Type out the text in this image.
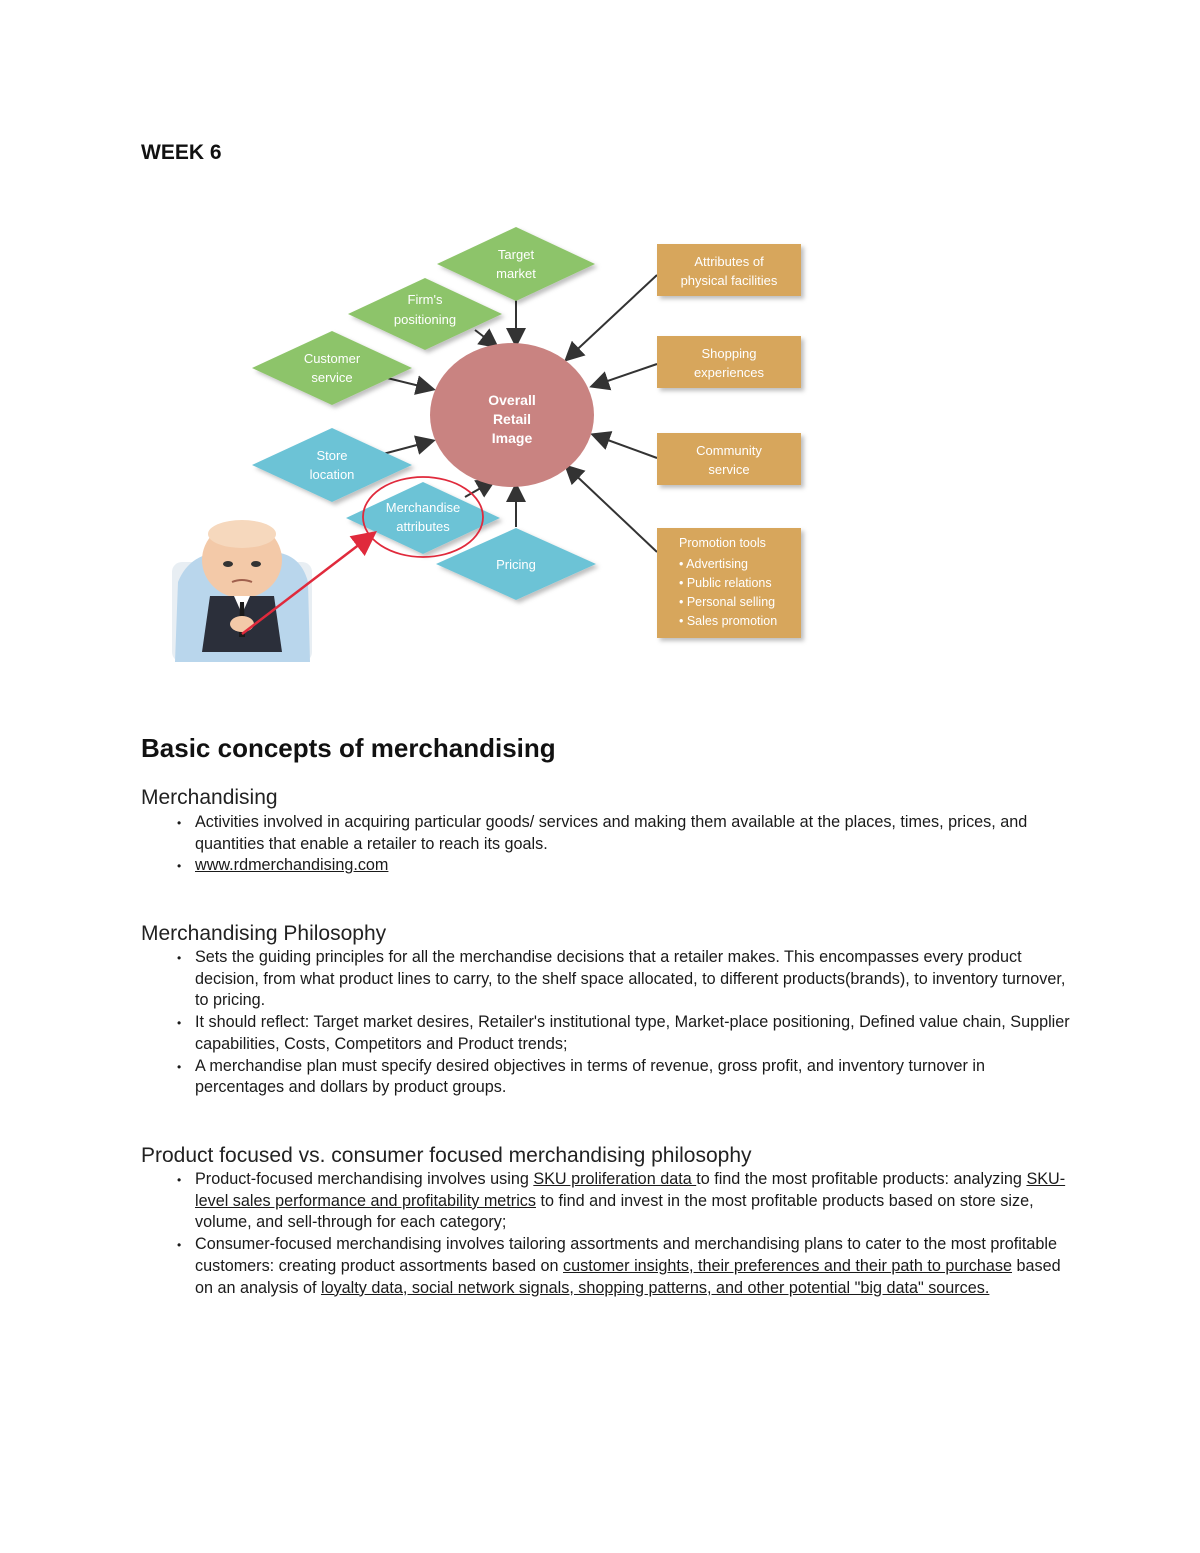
WEEK 6
Overall
Retail
Image
Target
market
Firm's
positioning
Customer
service
Store
location
Merchandise
attributes
Pricing
Attributes of
physical facilities
Shopping
experiences
Community
service
Promotion tools
• Advertising
• Public relations
• Personal selling
• Sales promotion
Basic concepts of merchandising
Merchandising
• Activities involved in acquiring particular goods/ services and making them available at the places, times, prices, and quantities that enable a retailer to reach its goals.
• www.rdmerchandising.com
Merchandising Philosophy
• Sets the guiding principles for all the merchandise decisions that a retailer makes. This encompasses every product decision, from what product lines to carry, to the shelf space allocated, to different products(brands), to inventory turnover, to pricing.
• It should reflect: Target market desires, Retailer's institutional type, Market-place positioning, Defined value chain, Supplier capabilities, Costs, Competitors and Product trends;
• A merchandise plan must specify desired objectives in terms of revenue, gross profit, and inventory turnover in percentages and dollars by product groups.
Product focused vs. consumer focused merchandising philosophy
• Product-focused merchandising involves using SKU proliferation data to find the most profitable products: analyzing SKU-level sales performance and profitability metrics to find and invest in the most profitable products based on store size, volume, and sell-through for each category;
• Consumer-focused merchandising involves tailoring assortments and merchandising plans to cater to the most profitable customers: creating product assortments based on customer insights, their preferences and their path to purchase based on an analysis of loyalty data, social network signals, shopping patterns, and other potential "big data" sources.
